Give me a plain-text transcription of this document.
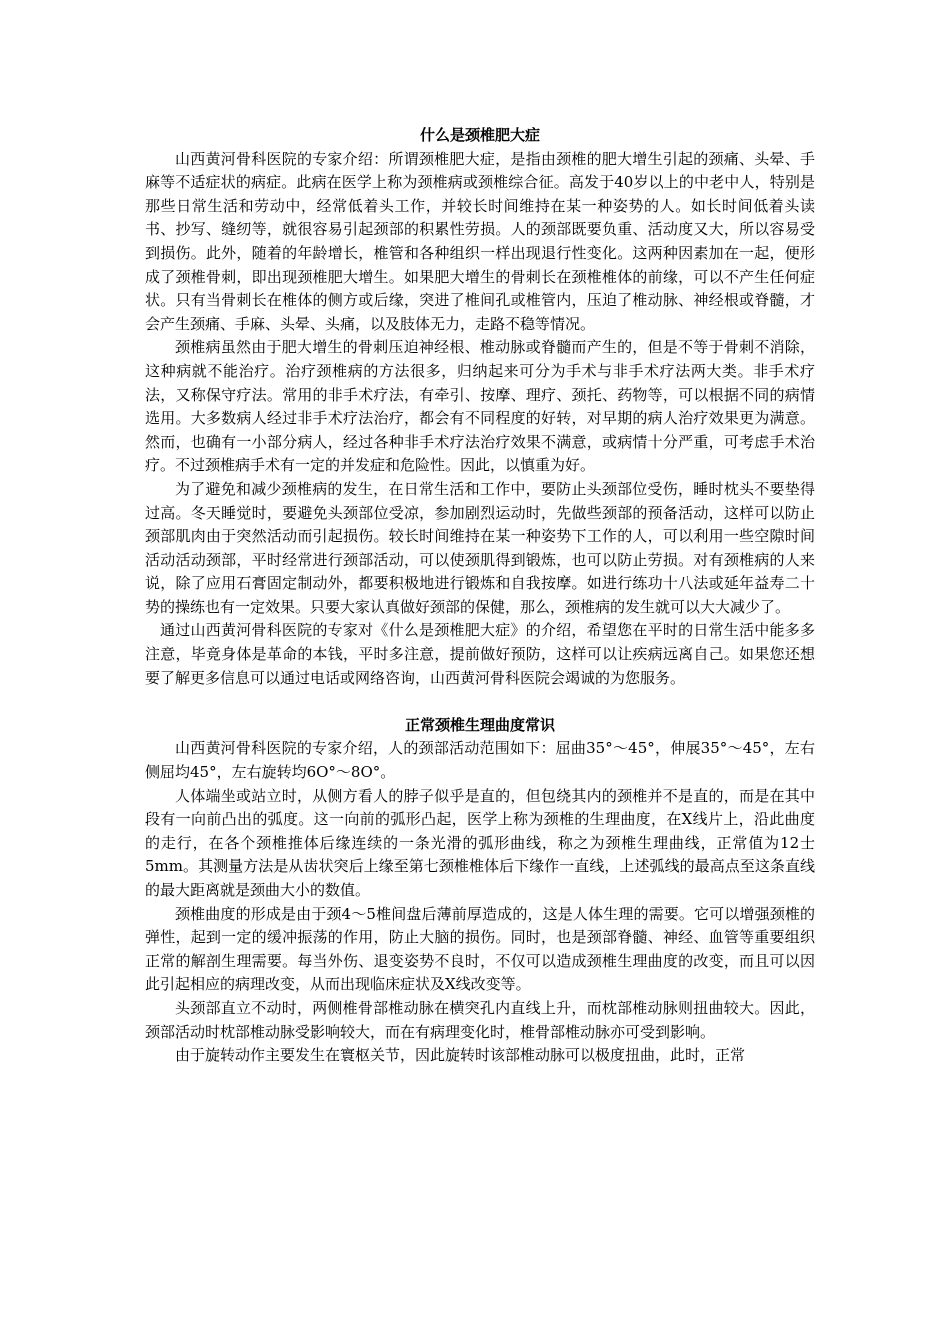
什么是颈椎肥大症

山西黄河骨科医院的专家介绍：所谓颈椎肥大症，是指由颈椎的肥大增生引起的颈痛、头晕、手麻等不适症状的病症。此病在医学上称为颈椎病或颈椎综合征。高发于40岁以上的中老中人，特别是那些日常生活和劳动中，经常低着头工作，并较长时间维持在某一种姿势的人。如长时间低着头读书、抄写、缝纫等，就很容易引起颈部的积累性劳损。人的颈部既要负重、活动度又大，所以容易受到损伤。此外，随着的年龄增长，椎管和各种组织一样出现退行性变化。这两种因素加在一起，便形成了颈椎骨刺，即出现颈椎肥大增生。如果肥大增生的骨刺长在颈椎椎体的前缘，可以不产生任何症状。只有当骨刺长在椎体的侧方或后缘，突进了椎间孔或椎管内，压迫了椎动脉、神经根或脊髓，才会产生颈痛、手麻、头晕、头痛，以及肢体无力，走路不稳等情况。

颈椎病虽然由于肥大增生的骨刺压迫神经根、椎动脉或脊髓而产生的，但是不等于骨刺不消除，这种病就不能治疗。治疗颈椎病的方法很多，归纳起来可分为手术与非手术疗法两大类。非手术疗法，又称保守疗法。常用的非手术疗法，有牵引、按摩、理疗、颈托、药物等，可以根据不同的病情选用。大多数病人经过非手术疗法治疗，都会有不同程度的好转，对早期的病人治疗效果更为满意。然而，也确有一小部分病人，经过各种非手术疗法治疗效果不满意，或病情十分严重，可考虑手术治疗。不过颈椎病手术有一定的并发症和危险性。因此，以慎重为好。

为了避免和减少颈椎病的发生，在日常生活和工作中，要防止头颈部位受伤，睡时枕头不要垫得过高。冬天睡觉时，要避免头颈部位受凉，参加剧烈运动时，先做些颈部的预备活动，这样可以防止颈部肌肉由于突然活动而引起损伤。较长时间维持在某一种姿势下工作的人，可以利用一些空隙时间活动活动颈部，平时经常进行颈部活动，可以使颈肌得到锻炼，也可以防止劳损。对有颈椎病的人来说，除了应用石膏固定制动外，都要积极地进行锻炼和自我按摩。如进行练功十八法或延年益寿二十势的操练也有一定效果。只要大家认真做好颈部的保健，那么，颈椎病的发生就可以大大减少了。

通过山西黄河骨科医院的专家对《什么是颈椎肥大症》的介绍，希望您在平时的日常生活中能多多注意，毕竟身体是革命的本钱，平时多注意，提前做好预防，这样可以让疾病远离自己。如果您还想要了解更多信息可以通过电话或网络咨询，山西黄河骨科医院会竭诚的为您服务。

正常颈椎生理曲度常识

山西黄河骨科医院的专家介绍，人的颈部活动范围如下：屈曲35°～45°，伸展35°～45°，左右侧屈均45°，左右旋转均6O°～8O°。

人体端坐或站立时，从侧方看人的脖子似乎是直的，但包绕其内的颈椎并不是直的，而是在其中段有一向前凸出的弧度。这一向前的弧形凸起，医学上称为颈椎的生理曲度，在X线片上，沿此曲度的走行，在各个颈椎推体后缘连续的一条光滑的弧形曲线，称之为颈椎生理曲线，正常值为12士5mm。其测量方法是从齿状突后上缘至第七颈椎椎体后下缘作一直线，上述弧线的最高点至这条直线的最大距离就是颈曲大小的数值。

颈椎曲度的形成是由于颈4～5椎间盘后薄前厚造成的，这是人体生理的需要。它可以增强颈椎的弹性，起到一定的缓冲振荡的作用，防止大脑的损伤。同时，也是颈部脊髓、神经、血管等重要组织正常的解剖生理需要。每当外伤、退变姿势不良时，不仅可以造成颈椎生理曲度的改变，而且可以因此引起相应的病理改变，从而出现临床症状及X线改变等。

头颈部直立不动时，两侧椎骨部椎动脉在横突孔内直线上升，而枕部椎动脉则扭曲较大。因此，颈部活动时枕部椎动脉受影响较大，而在有病理变化时，椎骨部椎动脉亦可受到影响。

由于旋转动作主要发生在寰枢关节，因此旋转时该部椎动脉可以极度扭曲，此时，正常
